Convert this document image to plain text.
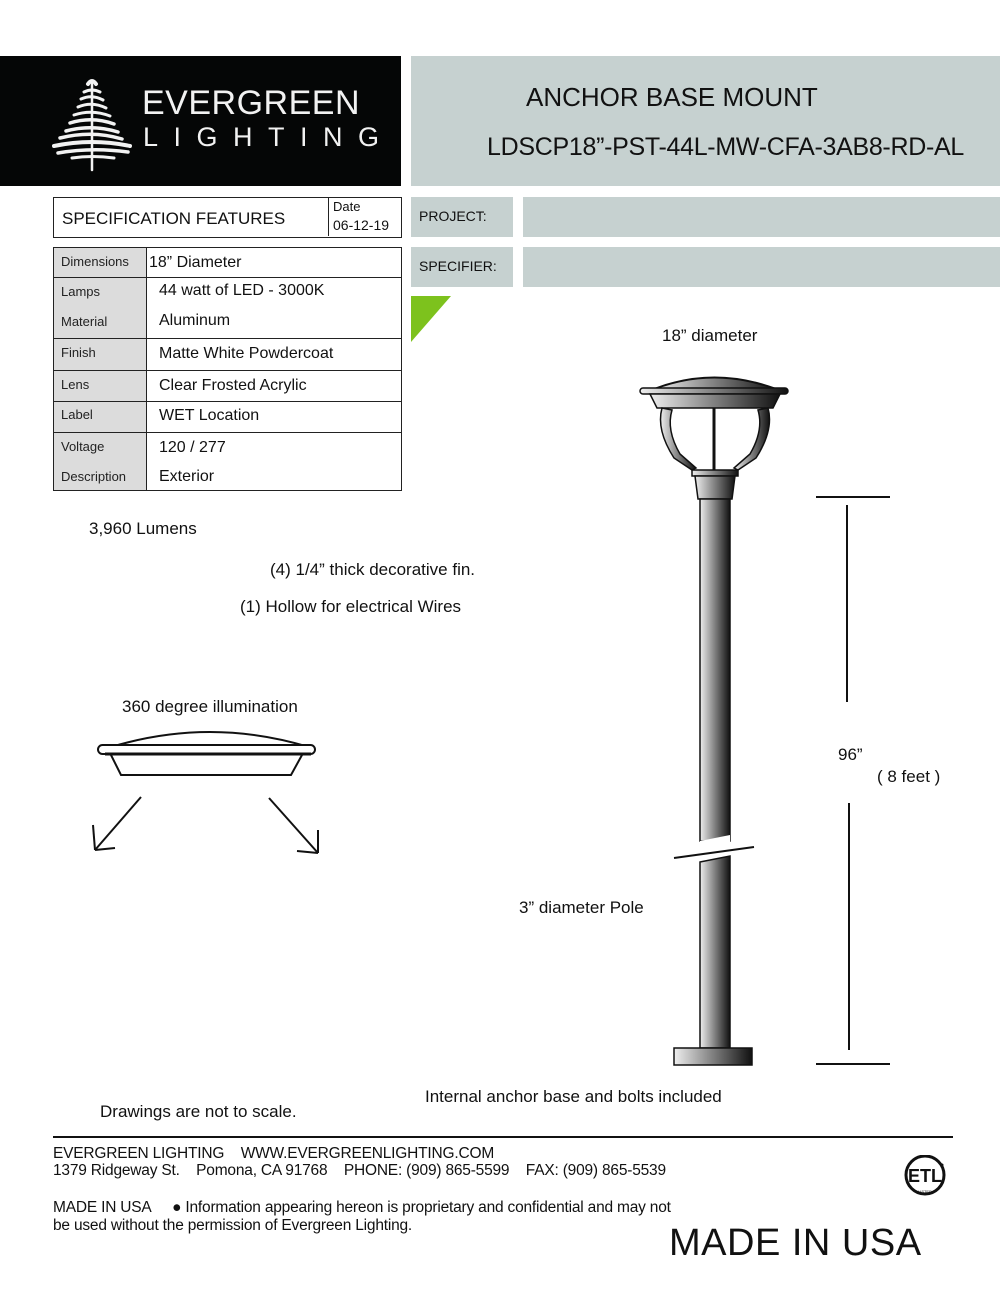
EVERGREEN
LIGHTING
ANCHOR BASE MOUNT
LDSCP18”-PST-44L-MW-CFA-3AB8-RD-AL
SPECIFICATION FEATURES
Date
06-12-19
Dimensions 18” Diameter
Lamps	44 watt of LED - 3000K
Material	Aluminum
Finish	Matte White Powdercoat
Lens	Clear Frosted Acrylic
Label	WET Location
Voltage	120 / 277
Description Exterior
PROJECT:
SPECIFIER:
3,960 Lumens
(4) 1/4” thick decorative fin.
(1) Hollow for electrical Wires
360 degree illumination
18” diameter
96”
( 8 feet )
3” diameter Pole
Internal anchor base and bolts included
Drawings are not to scale.
EVERGREEN LIGHTING WWW.EVERGREENLIGHTING.COM
1379 Ridgeway St. Pomona, CA 91768 PHONE: (909) 865-5599 FAX: (909) 865-5539
MADE IN USA ● Information appearing hereon is proprietary and confidential and may not
be used without the permission of Evergreen Lighting.
ETL
LISTED
MADE IN USA
